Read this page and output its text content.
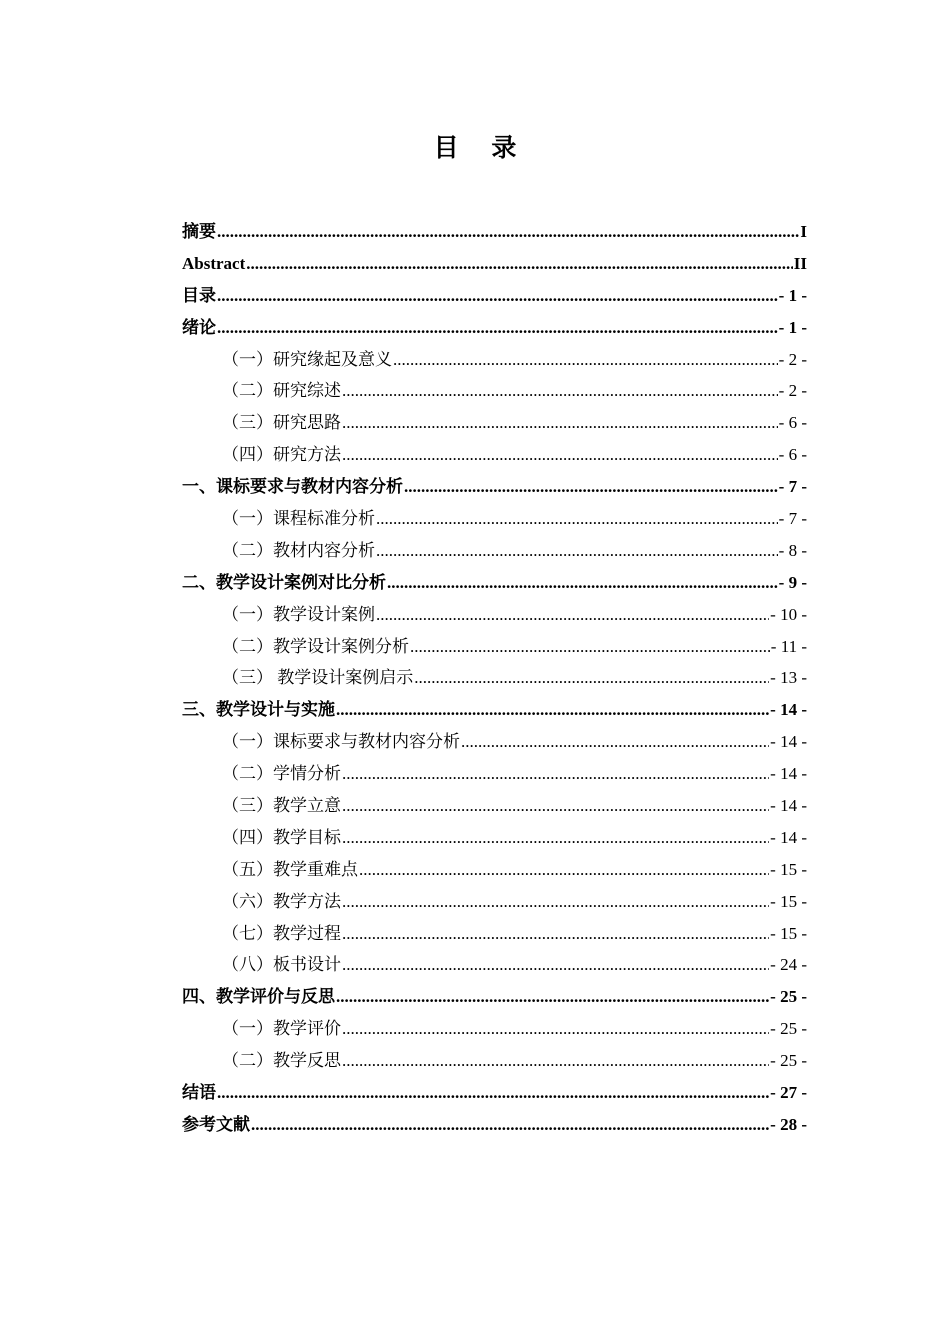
目 录
摘要 .....	I
Abstract .....	II
目录 .....	- 1 -
绪论 .....	- 1 -
（一）研究缘起及意义 .....	- 2 -
（二）研究综述 .....	- 2 -
（三）研究思路 .....	- 6 -
（四）研究方法 .....	- 6 -
一、课标要求与教材内容分析 .....	- 7 -
（一）课程标准分析 .....	- 7 -
（二）教材内容分析 .....	- 8 -
二、教学设计案例对比分析 .....	- 9 -
（一）教学设计案例 .....	- 10 -
（二）教学设计案例分析 .....	- 11 -
（三） 教学设计案例启示 .....	- 13 -
三、教学设计与实施 .....	- 14 -
（一）课标要求与教材内容分析 .....	- 14 -
（二）学情分析 .....	- 14 -
（三）教学立意 .....	- 14 -
（四）教学目标 .....	- 14 -
（五）教学重难点 .....	- 15 -
（六）教学方法 .....	- 15 -
（七）教学过程 .....	- 15 -
（八）板书设计 .....	- 24 -
四、教学评价与反思 .....	- 25 -
（一）教学评价 .....	- 25 -
（二）教学反思 .....	- 25 -
结语 .....	- 27 -
参考文献 .....	- 28 -
